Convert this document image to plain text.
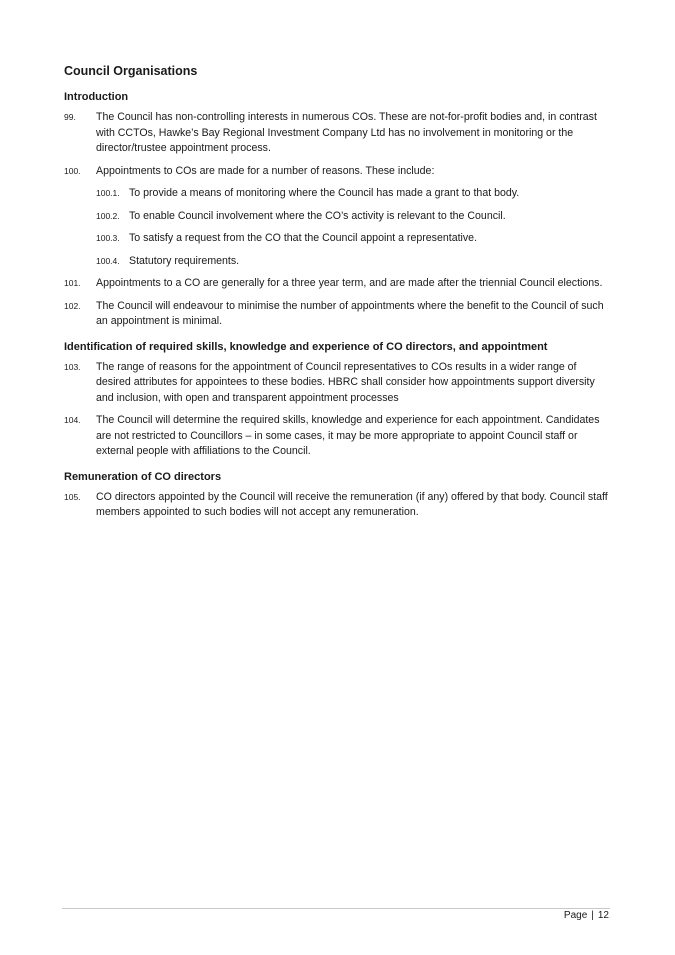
Council Organisations
Introduction
99.	The Council has non-controlling interests in numerous COs. These are not-for-profit bodies and, in contrast with CCTOs, Hawke’s Bay Regional Investment Company Ltd has no involvement in monitoring or the director/trustee appointment process.
100.	Appointments to COs are made for a number of reasons. These include:
100.1. To provide a means of monitoring where the Council has made a grant to that body.
100.2. To enable Council involvement where the CO’s activity is relevant to the Council.
100.3. To satisfy a request from the CO that the Council appoint a representative.
100.4. Statutory requirements.
101.	Appointments to a CO are generally for a three year term, and are made after the triennial Council elections.
102.	The Council will endeavour to minimise the number of appointments where the benefit to the Council of such an appointment is minimal.
Identification of required skills, knowledge and experience of CO directors, and appointment
103.	The range of reasons for the appointment of Council representatives to COs results in a wider range of desired attributes for appointees to these bodies. HBRC shall consider how appointments support diversity and inclusion, with open and transparent appointment processes
104.	The Council will determine the required skills, knowledge and experience for each appointment. Candidates are not restricted to Councillors – in some cases, it may be more appropriate to appoint Council staff or external people with affiliations to the Council.
Remuneration of CO directors
105.	CO directors appointed by the Council will receive the remuneration (if any) offered by that body. Council staff members appointed to such bodies will not accept any remuneration.
Page | 12
